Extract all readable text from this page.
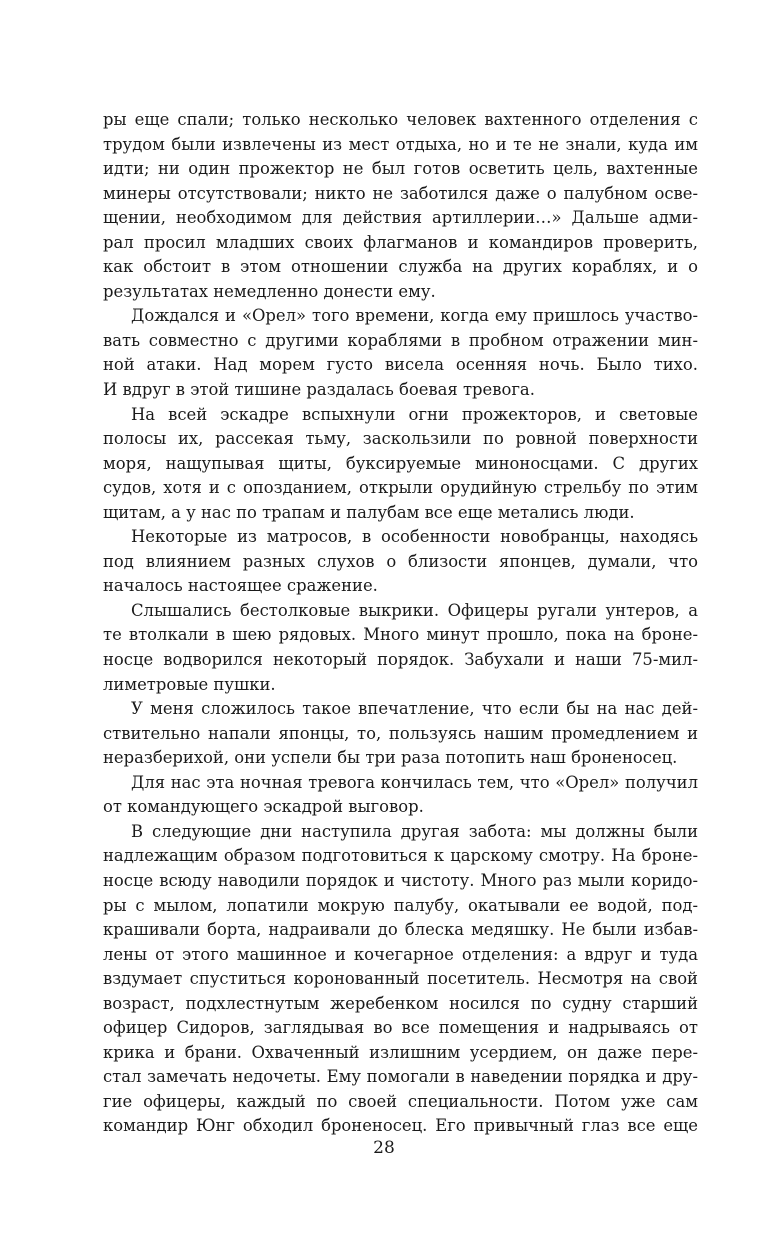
ры еще спали; только несколько человек вахтенного отделения с
трудом были извлечены из мест отдыха, но и те не знали, куда им
идти; ни один прожектор не был готов осветить цель, вахтенные
минеры отсутствовали; никто не заботился даже о палубном осве-
щении, необходимом для действия артиллерии…» Дальше адми-
рал просил младших своих флагманов и командиров проверить,
как обстоит в этом отношении служба на других кораблях, и о
результатах немедленно донести ему.
Дождался и «Орел» того времени, когда ему пришлось участво-
вать совместно с другими кораблями в пробном отражении мин-
ной атаки. Над морем густо висела осенняя ночь. Было тихо.
И вдруг в этой тишине раздалась боевая тревога.
На всей эскадре вспыхнули огни прожекторов, и световые
полосы их, рассекая тьму, заскользили по ровной поверхности
моря, нащупывая щиты, буксируемые миноносцами. С других
судов, хотя и с опозданием, открыли орудийную стрельбу по этим
щитам, а у нас по трапам и палубам все еще метались люди.
Некоторые из матросов, в особенности новобранцы, находясь
под влиянием разных слухов о близости японцев, думали, что
началось настоящее сражение.
Слышались бестолковые выкрики. Офицеры ругали унтеров, а
те втолкали в шею рядовых. Много минут прошло, пока на броне-
носце водворился некоторый порядок. Забухали и наши 75-мил-
лиметровые пушки.
У меня сложилось такое впечатление, что если бы на нас дей-
ствительно напали японцы, то, пользуясь нашим промедлением и
неразберихой, они успели бы три раза потопить наш броненосец.
Для нас эта ночная тревога кончилась тем, что «Орел» получил
от командующего эскадрой выговор.
В следующие дни наступила другая забота: мы должны были
надлежащим образом подготовиться к царскому смотру. На броне-
носце всюду наводили порядок и чистоту. Много раз мыли коридо-
ры с мылом, лопатили мокрую палубу, окатывали ее водой, под-
крашивали борта, надраивали до блеска медяшку. Не были избав-
лены от этого машинное и кочегарное отделения: а вдруг и туда
вздумает спуститься коронованный посетитель. Несмотря на свой
возраст, подхлестнутым жеребенком носился по судну старший
офицер Сидоров, заглядывая во все помещения и надрываясь от
крика и брани. Охваченный излишним усердием, он даже пере-
стал замечать недочеты. Ему помогали в наведении порядка и дру-
гие офицеры, каждый по своей специальности. Потом уже сам
командир Юнг обходил броненосец. Его привычный глаз все еще
28
